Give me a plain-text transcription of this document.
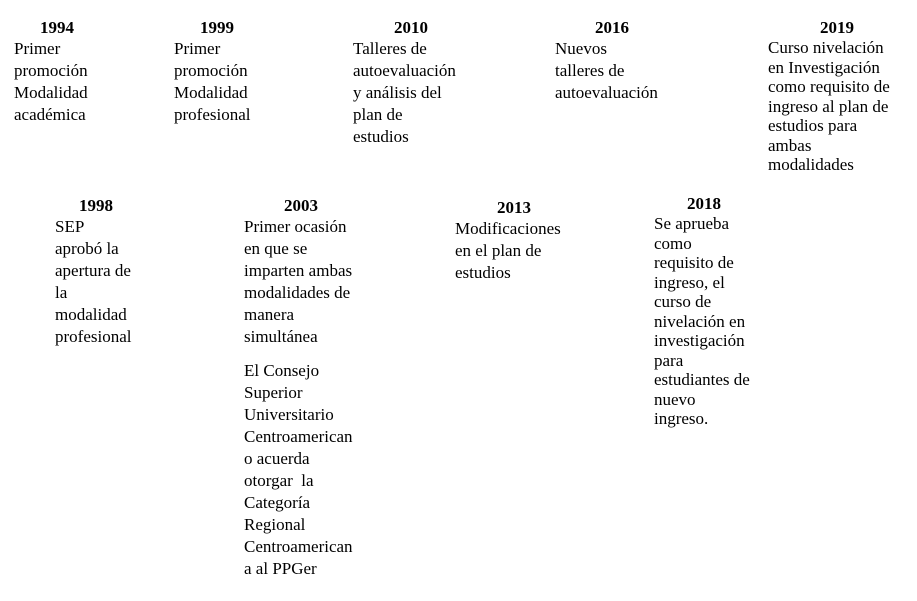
1994
Primer
promoción
Modalidad
académica
1999
Primer
promoción
Modalidad
profesional
2010
Talleres de
autoevaluación
y análisis del
plan de
estudios
2016
Nuevos
talleres de
autoevaluación
2019
Curso nivelación
en Investigación
como requisito de
ingreso al plan de
estudios para
ambas
modalidades
1998
SEP
aprobó la
apertura de
la
modalidad
profesional
2003
Primer ocasión
en que se
imparten ambas
modalidades de
manera
simultánea
El Consejo
Superior
Universitario
Centroamerican
o acuerda
otorgar  la
Categoría
Regional
Centroamerican
a al PPGer
2013
Modificaciones
en el plan de
estudios
2018
Se aprueba
como
requisito de
ingreso, el
curso de
nivelación en
investigación
para
estudiantes de
nuevo
ingreso.
